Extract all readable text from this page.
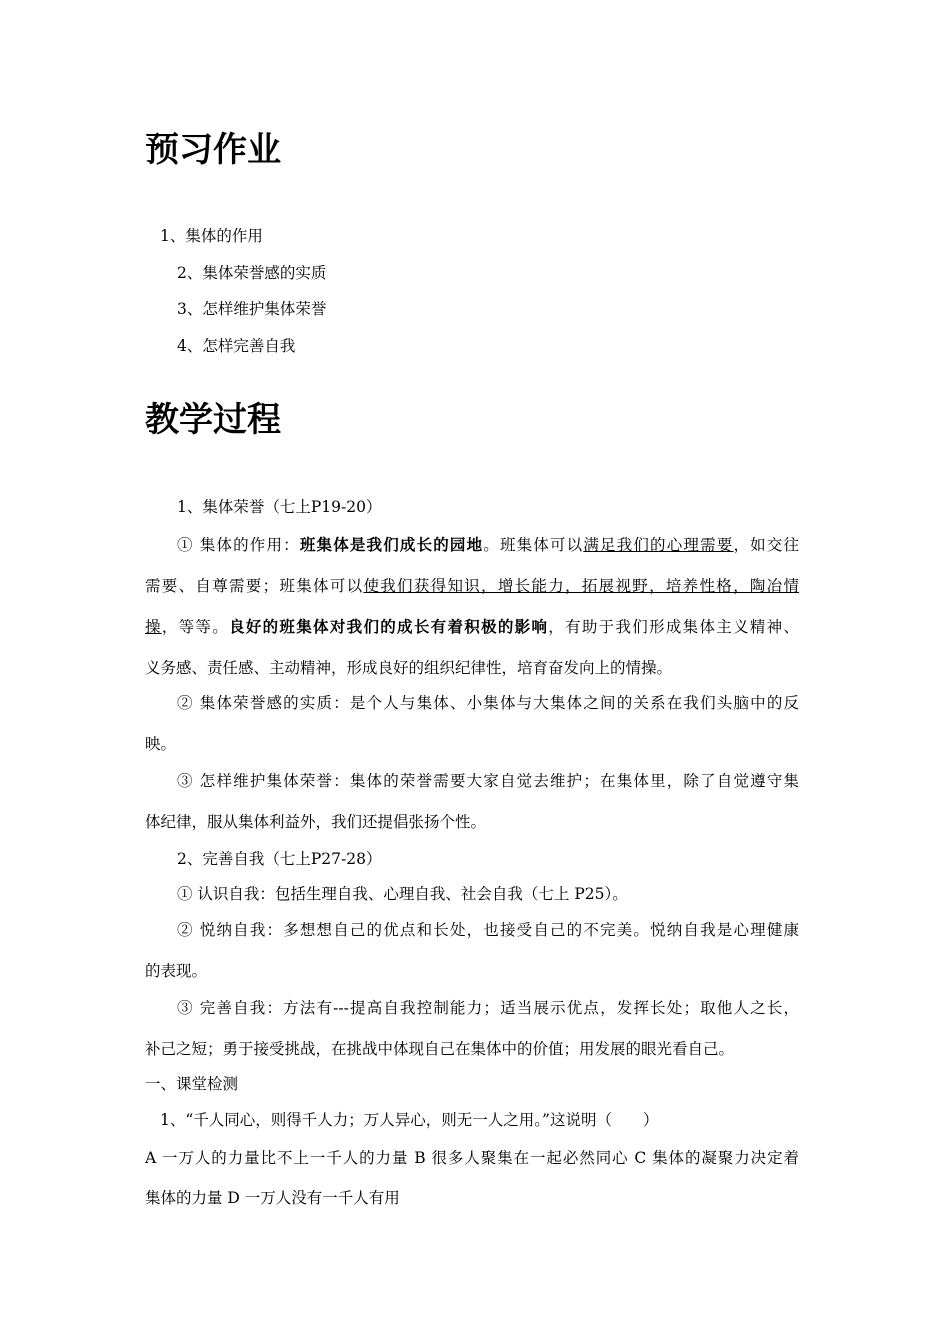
预习作业

1、集体的作用

2、集体荣誉感的实质

3、怎样维护集体荣誉

4、怎样完善自我

教学过程

1、集体荣誉（七上P19-20）

① 集体的作用：班集体是我们成长的园地。班集体可以满足我们的心理需要，如交往

需要、自尊需要；班集体可以使我们获得知识，增长能力，拓展视野，培养性格，陶冶情

操，等等。良好的班集体对我们的成长有着积极的影响，有助于我们形成集体主义精神、

义务感、责任感、主动精神，形成良好的组织纪律性，培育奋发向上的情操。

② 集体荣誉感的实质：是个人与集体、小集体与大集体之间的关系在我们头脑中的反

映。

③ 怎样维护集体荣誉：集体的荣誉需要大家自觉去维护；在集体里，除了自觉遵守集

体纪律，服从集体利益外，我们还提倡张扬个性。

2、完善自我（七上P27-28）

① 认识自我：包括生理自我、心理自我、社会自我（七上 P25）。

② 悦纳自我：多想想自己的优点和长处，也接受自己的不完美。悦纳自我是心理健康

的表现。

③ 完善自我：方法有---提高自我控制能力；适当展示优点，发挥长处；取他人之长，

补己之短；勇于接受挑战，在挑战中体现自己在集体中的价值；用发展的眼光看自己。

一、课堂检测

1、“千人同心，则得千人力；万人异心，则无一人之用。”这说明（　　）

A 一万人的力量比不上一千人的力量 B 很多人聚集在一起必然同心 C 集体的凝聚力决定着

集体的力量 D 一万人没有一千人有用
